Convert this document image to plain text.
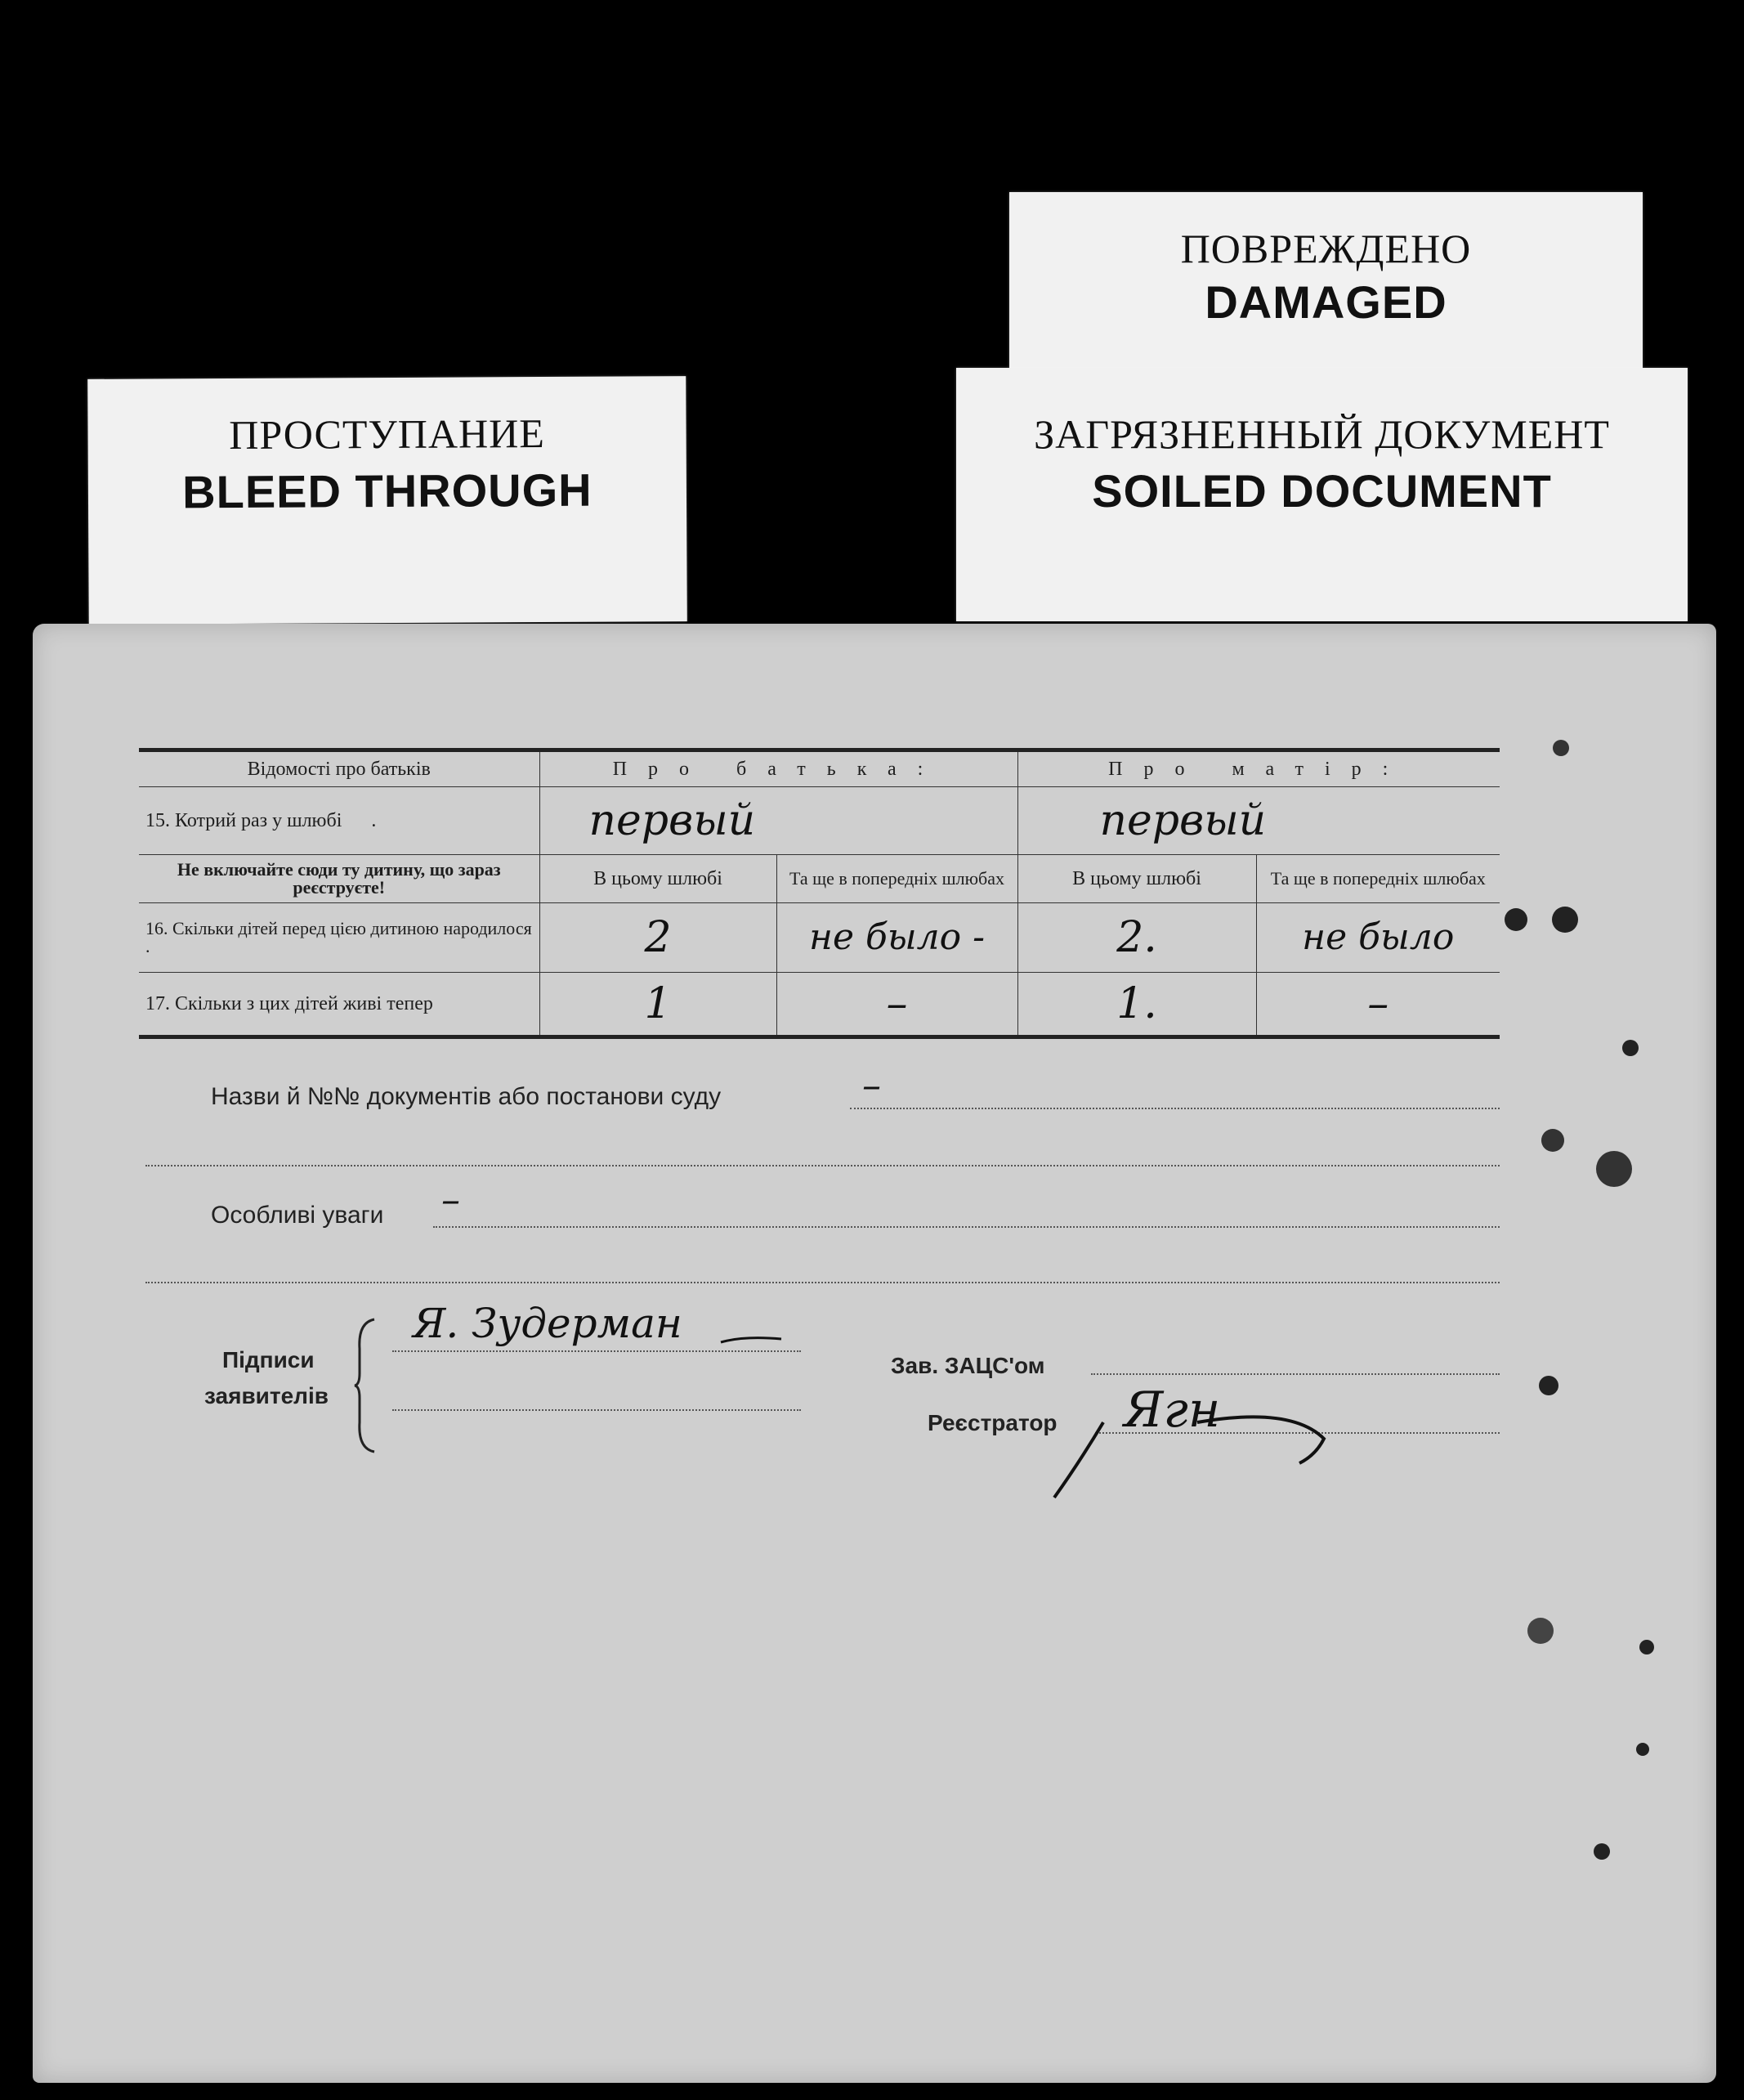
ПОВРЕЖДЕНО
DAMAGED
ПРОСТУПАНИЕ
BLEED THROUGH
ЗАГРЯЗНЕННЫЙ ДОКУМЕНТ
SOILED DOCUMENT
Відомості про батьків	Про батька:		Про матір:	
15. Котрий раз у шлюбі .	первый		первый	
Не включайте сюди ту дитину, що зараз реєструєте!	В цьому шлюбі	Та ще в попередніх шлюбах	В цьому шлюбі	Та ще в попередніх шлюбах
16. Скільки дітей перед цією дитиною народилося .	2	не было -	2.	не было
17. Скільки з цих дітей живі тепер	1	–	1.	–
Назви й №№ документів або постанови суду	–
Особливі уваги –
Підписи
заявителів
Я. Зудерман
Зав. ЗАЦС'ом
Реєстратор Ягн
